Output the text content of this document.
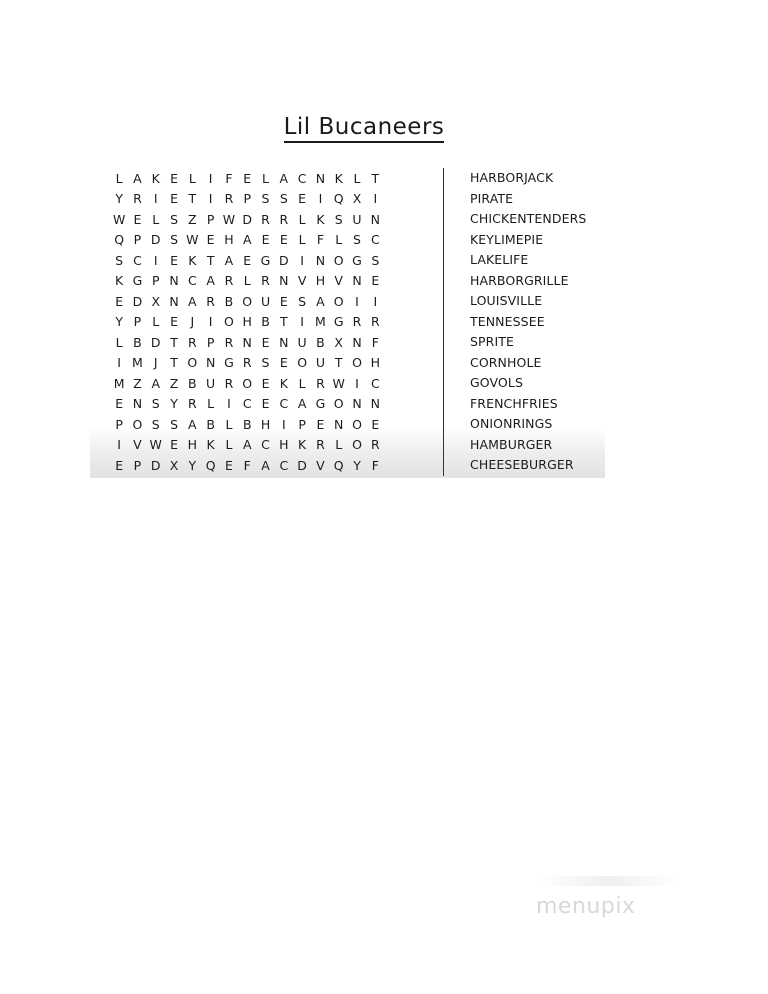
Lil Bucaneers
L A K E L	I	F E L A C N K L T
Y R I	E T	I R P S S E	I Q X I
W E L S Z P W D R R L K S U N
Q P D S W E H A E E L F L S C
S C I	E K T A E G D I N O G S
K G P N C A R L R N V H V N E
E D X N A R B O U E S A O I	I
Y P L E	J	I O H B T	I M G R R
L B D T R P R N E N U B X N F
I M J	T O N G R S E O U T O H
M Z A Z B U R O E K L R W I C
E N S Y R L	I C E C A G O N N
P O S S A B L B H I	P E N O E
I V W E H K L A C H K R L O R
E P D X Y Q E F A C D V Q Y F
HARBORJACK
PIRATE
CHICKENTENDERS
KEYLIMEPIE
LAKELIFE
HARBORGRILLE
LOUISVILLE
TENNESSEE
SPRITE
CORNHOLE
GOVOLS
FRENCHFRIES
ONIONRINGS
HAMBURGER
CHEESEBURGER
menupix
